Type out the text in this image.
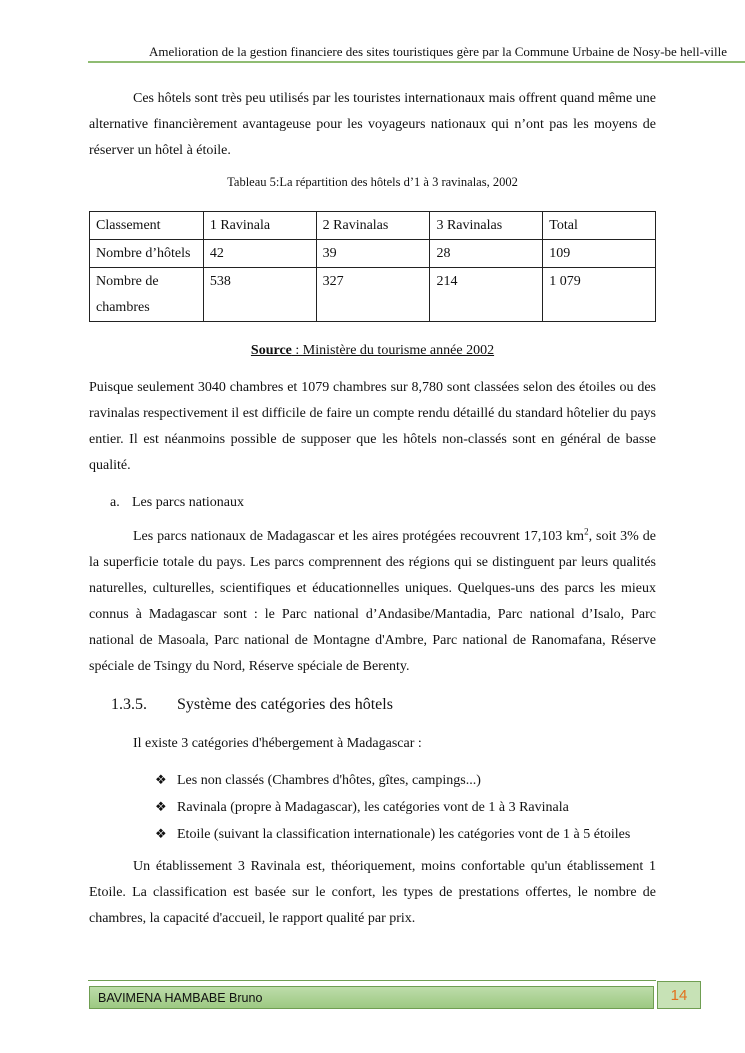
Amelioration de la gestion financiere des sites touristiques gère par la Commune Urbaine de Nosy-be hell-ville

Ces hôtels sont très peu utilisés par les touristes internationaux mais offrent quand même une alternative financièrement avantageuse pour les voyageurs nationaux qui n’ont pas les moyens de réserver un hôtel à étoile.

Tableau 5:La répartition des hôtels d’1 à 3 ravinalas, 2002
Classement	1 Ravinala	2 Ravinalas	3 Ravinalas	Total
Nombre d’hôtels	42	39	28	109
Nombre de chambres	538	327	214	1 079
Source : Ministère du tourisme année 2002

Puisque seulement 3040 chambres et 1079 chambres sur 8,780 sont classées selon des étoiles ou des ravinalas respectivement il est difficile de faire un compte rendu détaillé du standard hôtelier du pays entier. Il est néanmoins possible de supposer que les hôtels non-classés sont en général de basse qualité.

a. Les parcs nationaux

Les parcs nationaux de Madagascar et les aires protégées recouvrent 17,103 $km^2$, soit 3% de la superficie totale du pays. Les parcs comprennent des régions qui se distinguent par leurs qualités naturelles, culturelles, scientifiques et éducationnelles uniques. Quelques-uns des parcs les mieux connus à Madagascar sont : le Parc national d’Andasibe/Mantadia, Parc national d’Isalo, Parc national de Masoala, Parc national de Montagne d'Ambre, Parc national de Ranomafana, Réserve spéciale de Tsingy du Nord, Réserve spéciale de Berenty.

1.3.5. Système des catégories des hôtels
Il existe 3 catégories d'hébergement à Madagascar :
❖ Les non classés (Chambres d'hôtes, gîtes, campings...)
❖ Ravinala (propre à Madagascar), les catégories vont de 1 à 3 Ravinala
❖ Etoile (suivant la classification internationale) les catégories vont de 1 à 5 étoiles

Un établissement 3 Ravinala est, théoriquement, moins confortable qu'un établissement 1 Etoile. La classification est basée sur le confort, les types de prestations offertes, le nombre de chambres, la capacité d'accueil, le rapport qualité par prix.

BAVIMENA HAMBABE Bruno	14
